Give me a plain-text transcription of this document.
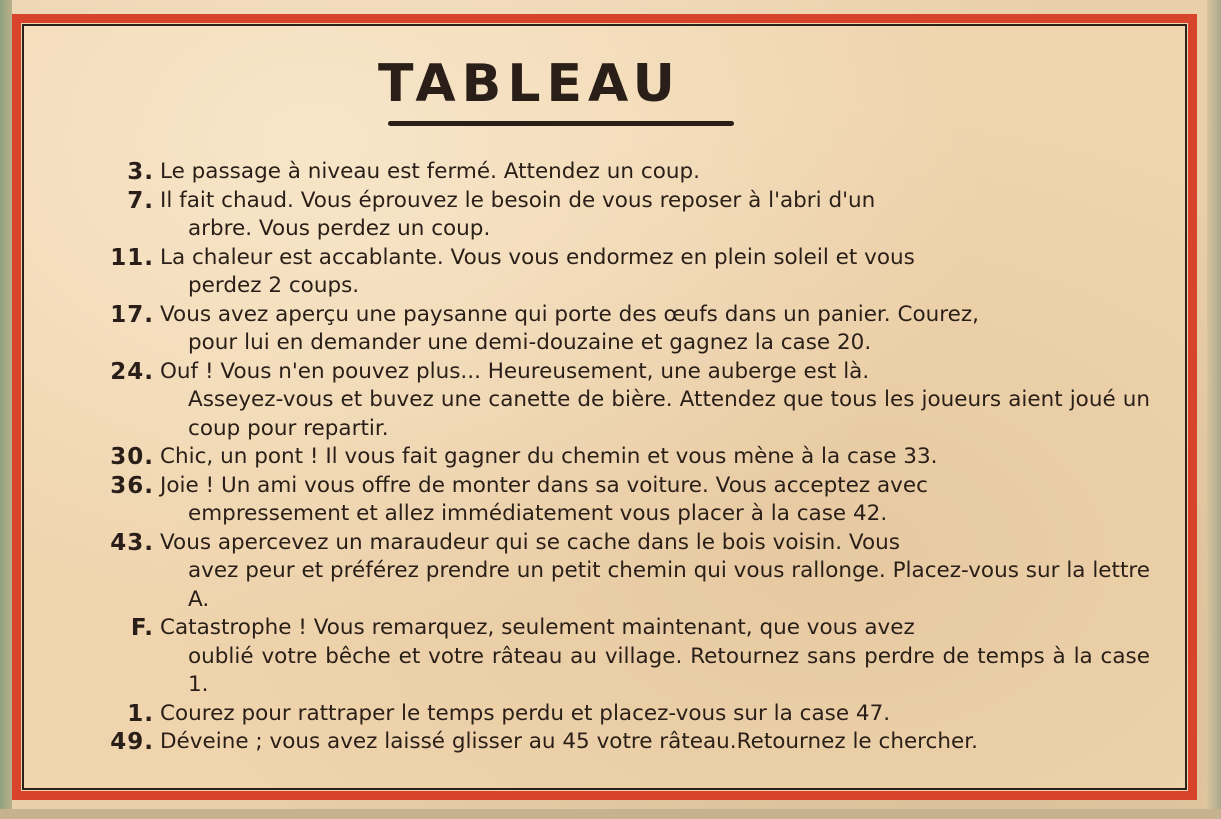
TABLEAU
3. Le passage à niveau est fermé. Attendez un coup.
7. Il fait chaud. Vous éprouvez le besoin de vous reposer à l'abri d'un
arbre. Vous perdez un coup.
11. La chaleur est accablante. Vous vous endormez en plein soleil et vous
perdez 2 coups.
17. Vous avez aperçu une paysanne qui porte des œufs dans un panier. Courez,
pour lui en demander une demi-douzaine et gagnez la case 20.
24. Ouf ! Vous n'en pouvez plus... Heureusement, une auberge est là.
Asseyez-vous et buvez une canette de bière. Attendez que tous les joueurs aient joué un coup pour repartir.
30. Chic, un pont ! Il vous fait gagner du chemin et vous mène à la case 33.
36. Joie ! Un ami vous offre de monter dans sa voiture. Vous acceptez avec
empressement et allez immédiatement vous placer à la case 42.
43. Vous apercevez un maraudeur qui se cache dans le bois voisin. Vous
avez peur et préférez prendre un petit chemin qui vous rallonge. Placez-vous sur la lettre A.
F. Catastrophe ! Vous remarquez, seulement maintenant, que vous avez
oublié votre bêche et votre râteau au village. Retournez sans perdre de temps à la case 1.
1. Courez pour rattraper le temps perdu et placez-vous sur la case 47.
49. Déveine ; vous avez laissé glisser au 45 votre râteau.Retournez le chercher.
